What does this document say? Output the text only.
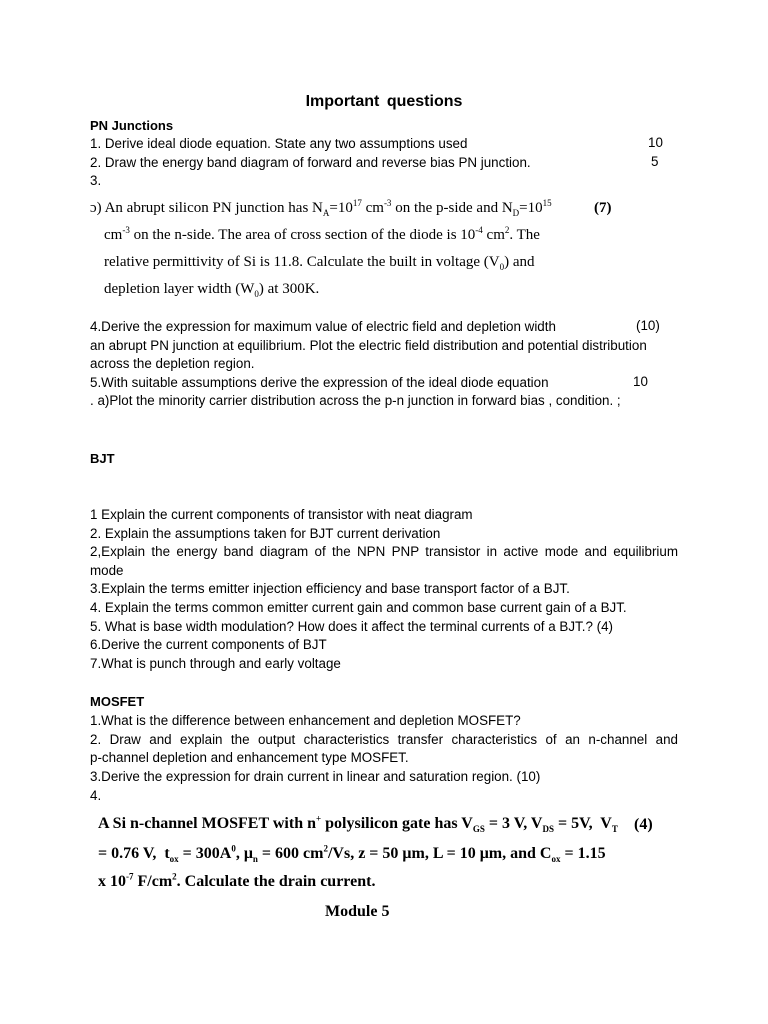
Important questions
PN Junctions
1. Derive ideal diode equation. State any two assumptions used	10
2. Draw the energy band diagram of forward and reverse bias PN junction.	5
3.
ɔ) An abrupt silicon PN junction has $N_A=10^{17}$ $cm^{-3}$ on the p-side and $N_D=10^{15}$	(7)
$cm^{-3}$ on the n-side. The area of cross section of the diode is $10^{-4}$ $cm^2$. The
relative permittivity of Si is 11.8. Calculate the built in voltage $(V_0)$ and
depletion layer width $(W_0)$ at 300K.
4.Derive the expression for maximum value of electric field and depletion width	(10)
an abrupt PN junction at equilibrium. Plot the electric field distribution and potential distribution
across the depletion region.
5.With suitable assumptions derive the expression of the ideal diode equation	10
. a)Plot the minority carrier distribution across the p-n junction in forward bias , condition. ;
BJT
1 Explain the current components of transistor with neat diagram
2. Explain the assumptions taken for BJT current derivation
2,Explain the energy band diagram of the NPN PNP transistor in active mode and equilibrium
mode
3.Explain the terms emitter injection efficiency and base transport factor of a BJT.
4. Explain the terms common emitter current gain and common base current gain of a BJT.
5. What is base width modulation? How does it affect the terminal currents of a BJT.? (4)
6.Derive the current components of BJT
7.What is punch through and early voltage
MOSFET
1.What is the difference between enhancement and depletion MOSFET?
2. Draw and explain the output characteristics transfer characteristics of an n-channel and
p-channel depletion and enhancement type MOSFET.
3.Derive the expression for drain current in linear and saturation region. (10)
4.
A Si n-channel MOSFET with n+ polysilicon gate has $V_{GS} = 3$ V, $V_{DS} = 5V$,  $V_T$ (4)
= 0.76 V,  $t_{ox} = 300A^0$, $\mu_n = 600$ $cm^2/Vs$, z = 50 μm, L = 10 μm, and $C_{ox} = 1.15$
x $10^{-7}$ $F/cm^2$. Calculate the drain current.
Module 5
